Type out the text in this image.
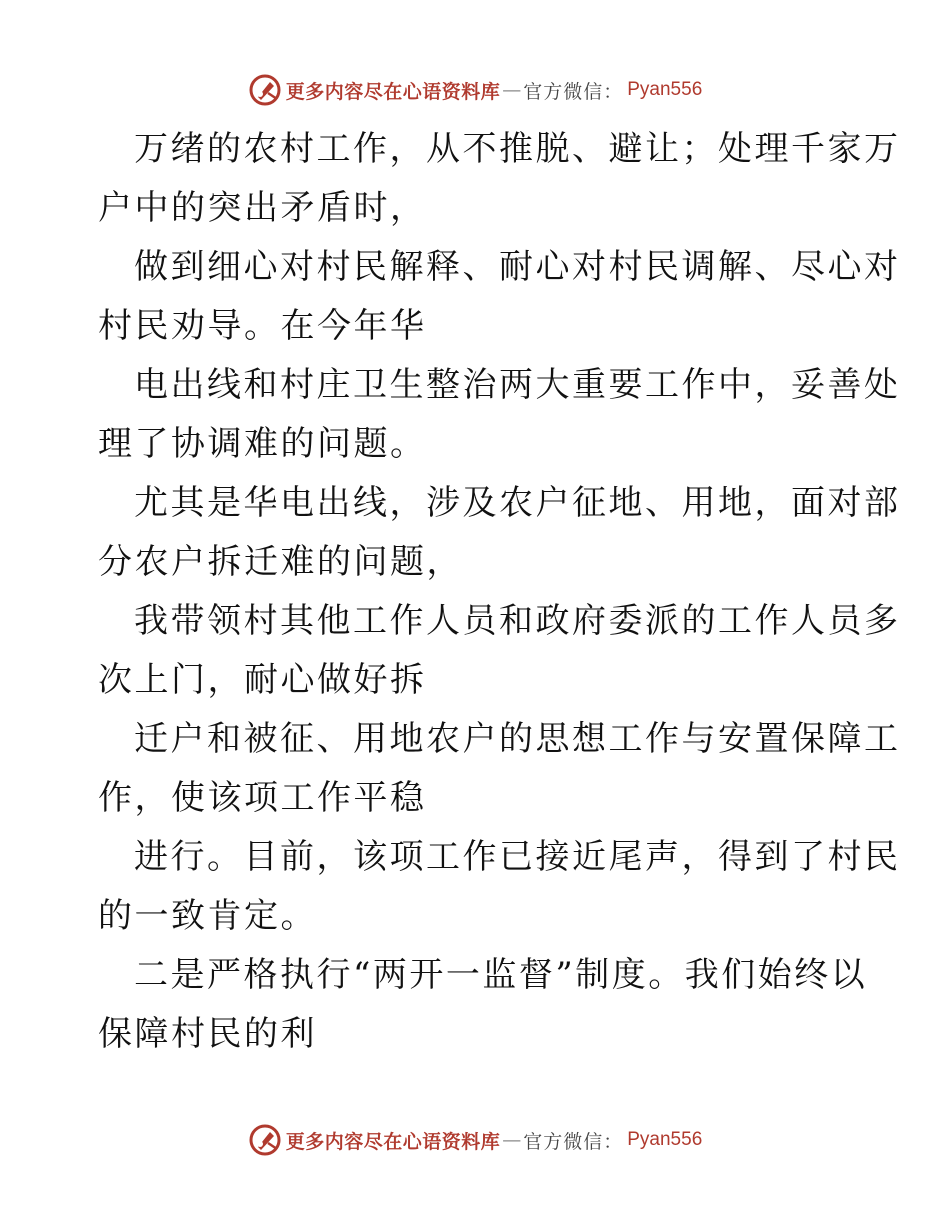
更多内容尽在心语资料库 — 官方微信： Pyan556

万绪的农村工作，从不推脱、避让；处理千家万
户中的突出矛盾时，

做到细心对村民解释、耐心对村民调解、尽心对
村民劝导。在今年华

电出线和村庄卫生整治两大重要工作中，妥善处
理了协调难的问题。

尤其是华电出线，涉及农户征地、用地，面对部
分农户拆迁难的问题，

我带领村其他工作人员和政府委派的工作人员多
次上门，耐心做好拆

迁户和被征、用地农户的思想工作与安置保障工
作，使该项工作平稳

进行。目前，该项工作已接近尾声，得到了村民
的一致肯定。

二是严格执行“两开一监督”制度。我们始终以
保障村民的利

更多内容尽在心语资料库 — 官方微信： Pyan556
